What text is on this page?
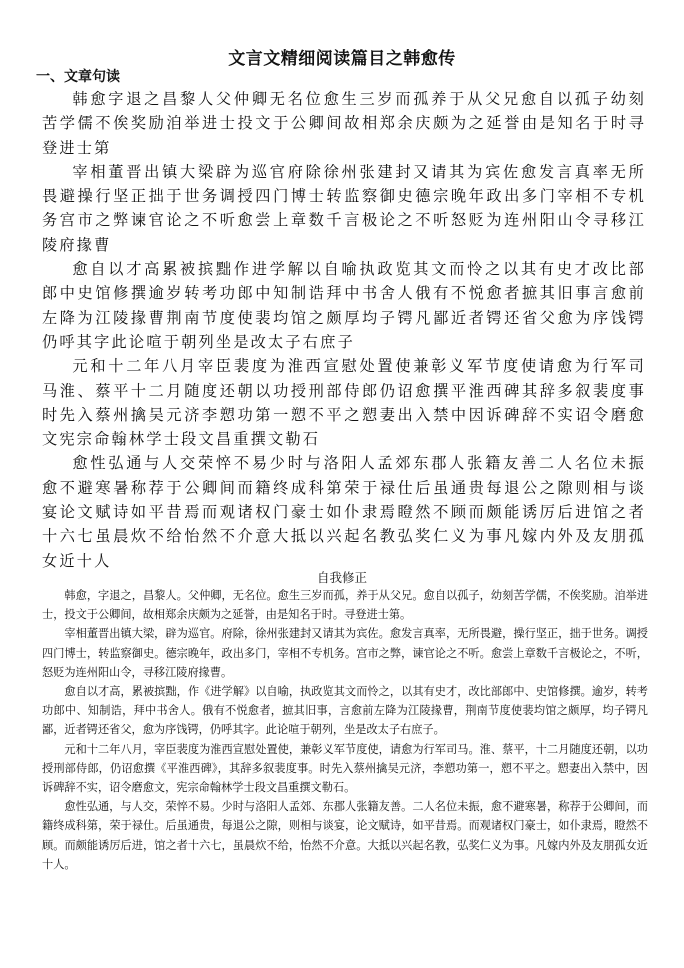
文言文精细阅读篇目之韩愈传
一、文章句读

韩愈字退之昌黎人父仲卿无名位愈生三岁而孤养于从父兄愈自以孤子幼刻苦学儒不俟奖励洎举进士投文于公卿间故相郑余庆颇为之延誉由是知名于时寻登进士第

宰相董晋出镇大梁辟为巡官府除徐州张建封又请其为宾佐愈发言真率无所畏避操行坚正拙于世务调授四门博士转监察御史德宗晚年政出多门宰相不专机务宫市之弊谏官论之不听愈尝上章数千言极论之不听怒贬为连州阳山令寻移江陵府掾曹

愈自以才高累被摈黜作进学解以自喻执政览其文而怜之以其有史才改比部郎中史馆修撰逾岁转考功郎中知制诰拜中书舍人俄有不悦愈者摭其旧事言愈前左降为江陵掾曹荆南节度使裴均馆之颇厚均子锷凡鄙近者锷还省父愈为序饯锷仍呼其字此论喧于朝列坐是改太子右庶子

元和十二年八月宰臣裴度为淮西宣慰处置使兼彰义军节度使请愈为行军司马淮、蔡平十二月随度还朝以功授刑部侍郎仍诏愈撰平淮西碑其辞多叙裴度事时先入蔡州擒吴元济李愬功第一愬不平之愬妻出入禁中因诉碑辞不实诏令磨愈文宪宗命翰林学士段文昌重撰文勒石

愈性弘通与人交荣悴不易少时与洛阳人孟郊东郡人张籍友善二人名位未振愈不避寒暑称荐于公卿间而籍终成科第荣于禄仕后虽通贵每退公之隙则相与谈宴论文赋诗如平昔焉而观诸权门豪士如仆隶焉瞪然不顾而颇能诱厉后进馆之者十六七虽晨炊不给怡然不介意大抵以兴起名教弘奖仁义为事凡嫁内外及友朋孤女近十人

自我修正

韩愈，字退之，昌黎人。父仲卿，无名位。愈生三岁而孤，养于从父兄。愈自以孤子，幼刻苦学儒，不俟奖励。洎举进士，投文于公卿间，故相郑余庆颇为之延誉，由是知名于时。寻登进士第。

宰相董晋出镇大梁，辟为巡官。府除，徐州张建封又请其为宾佐。愈发言真率，无所畏避，操行坚正，拙于世务。调授四门博士，转监察御史。德宗晚年，政出多门，宰相不专机务。宫市之弊，谏官论之不听。愈尝上章数千言极论之，不听，怒贬为连州阳山令，寻移江陵府掾曹。

愈自以才高，累被摈黜，作《进学解》以自喻，执政览其文而怜之，以其有史才，改比部郎中、史馆修撰。逾岁，转考功郎中、知制诰，拜中书舍人。俄有不悦愈者，摭其旧事，言愈前左降为江陵掾曹，荆南节度使裴均馆之颇厚，均子锷凡鄙，近者锷还省父，愈为序饯锷，仍呼其字。此论喧于朝列，坐是改太子右庶子。

元和十二年八月，宰臣裴度为淮西宣慰处置使，兼彰义军节度使，请愈为行军司马。淮、蔡平，十二月随度还朝，以功授刑部侍郎，仍诏愈撰《平淮西碑》，其辞多叙裴度事。时先入蔡州擒吴元济，李愬功第一，愬不平之。愬妻出入禁中，因诉碑辞不实，诏令磨愈文，宪宗命翰林学士段文昌重撰文勒石。

愈性弘通，与人交，荣悴不易。少时与洛阳人孟郊、东郡人张籍友善。二人名位未振，愈不避寒暑，称荐于公卿间，而籍终成科第，荣于禄仕。后虽通贵，每退公之隙，则相与谈宴，论文赋诗，如平昔焉。而观诸权门豪士，如仆隶焉，瞪然不顾。而颇能诱厉后进，馆之者十六七，虽晨炊不给，怡然不介意。大抵以兴起名教，弘奖仁义为事。凡嫁内外及友朋孤女近十人。
